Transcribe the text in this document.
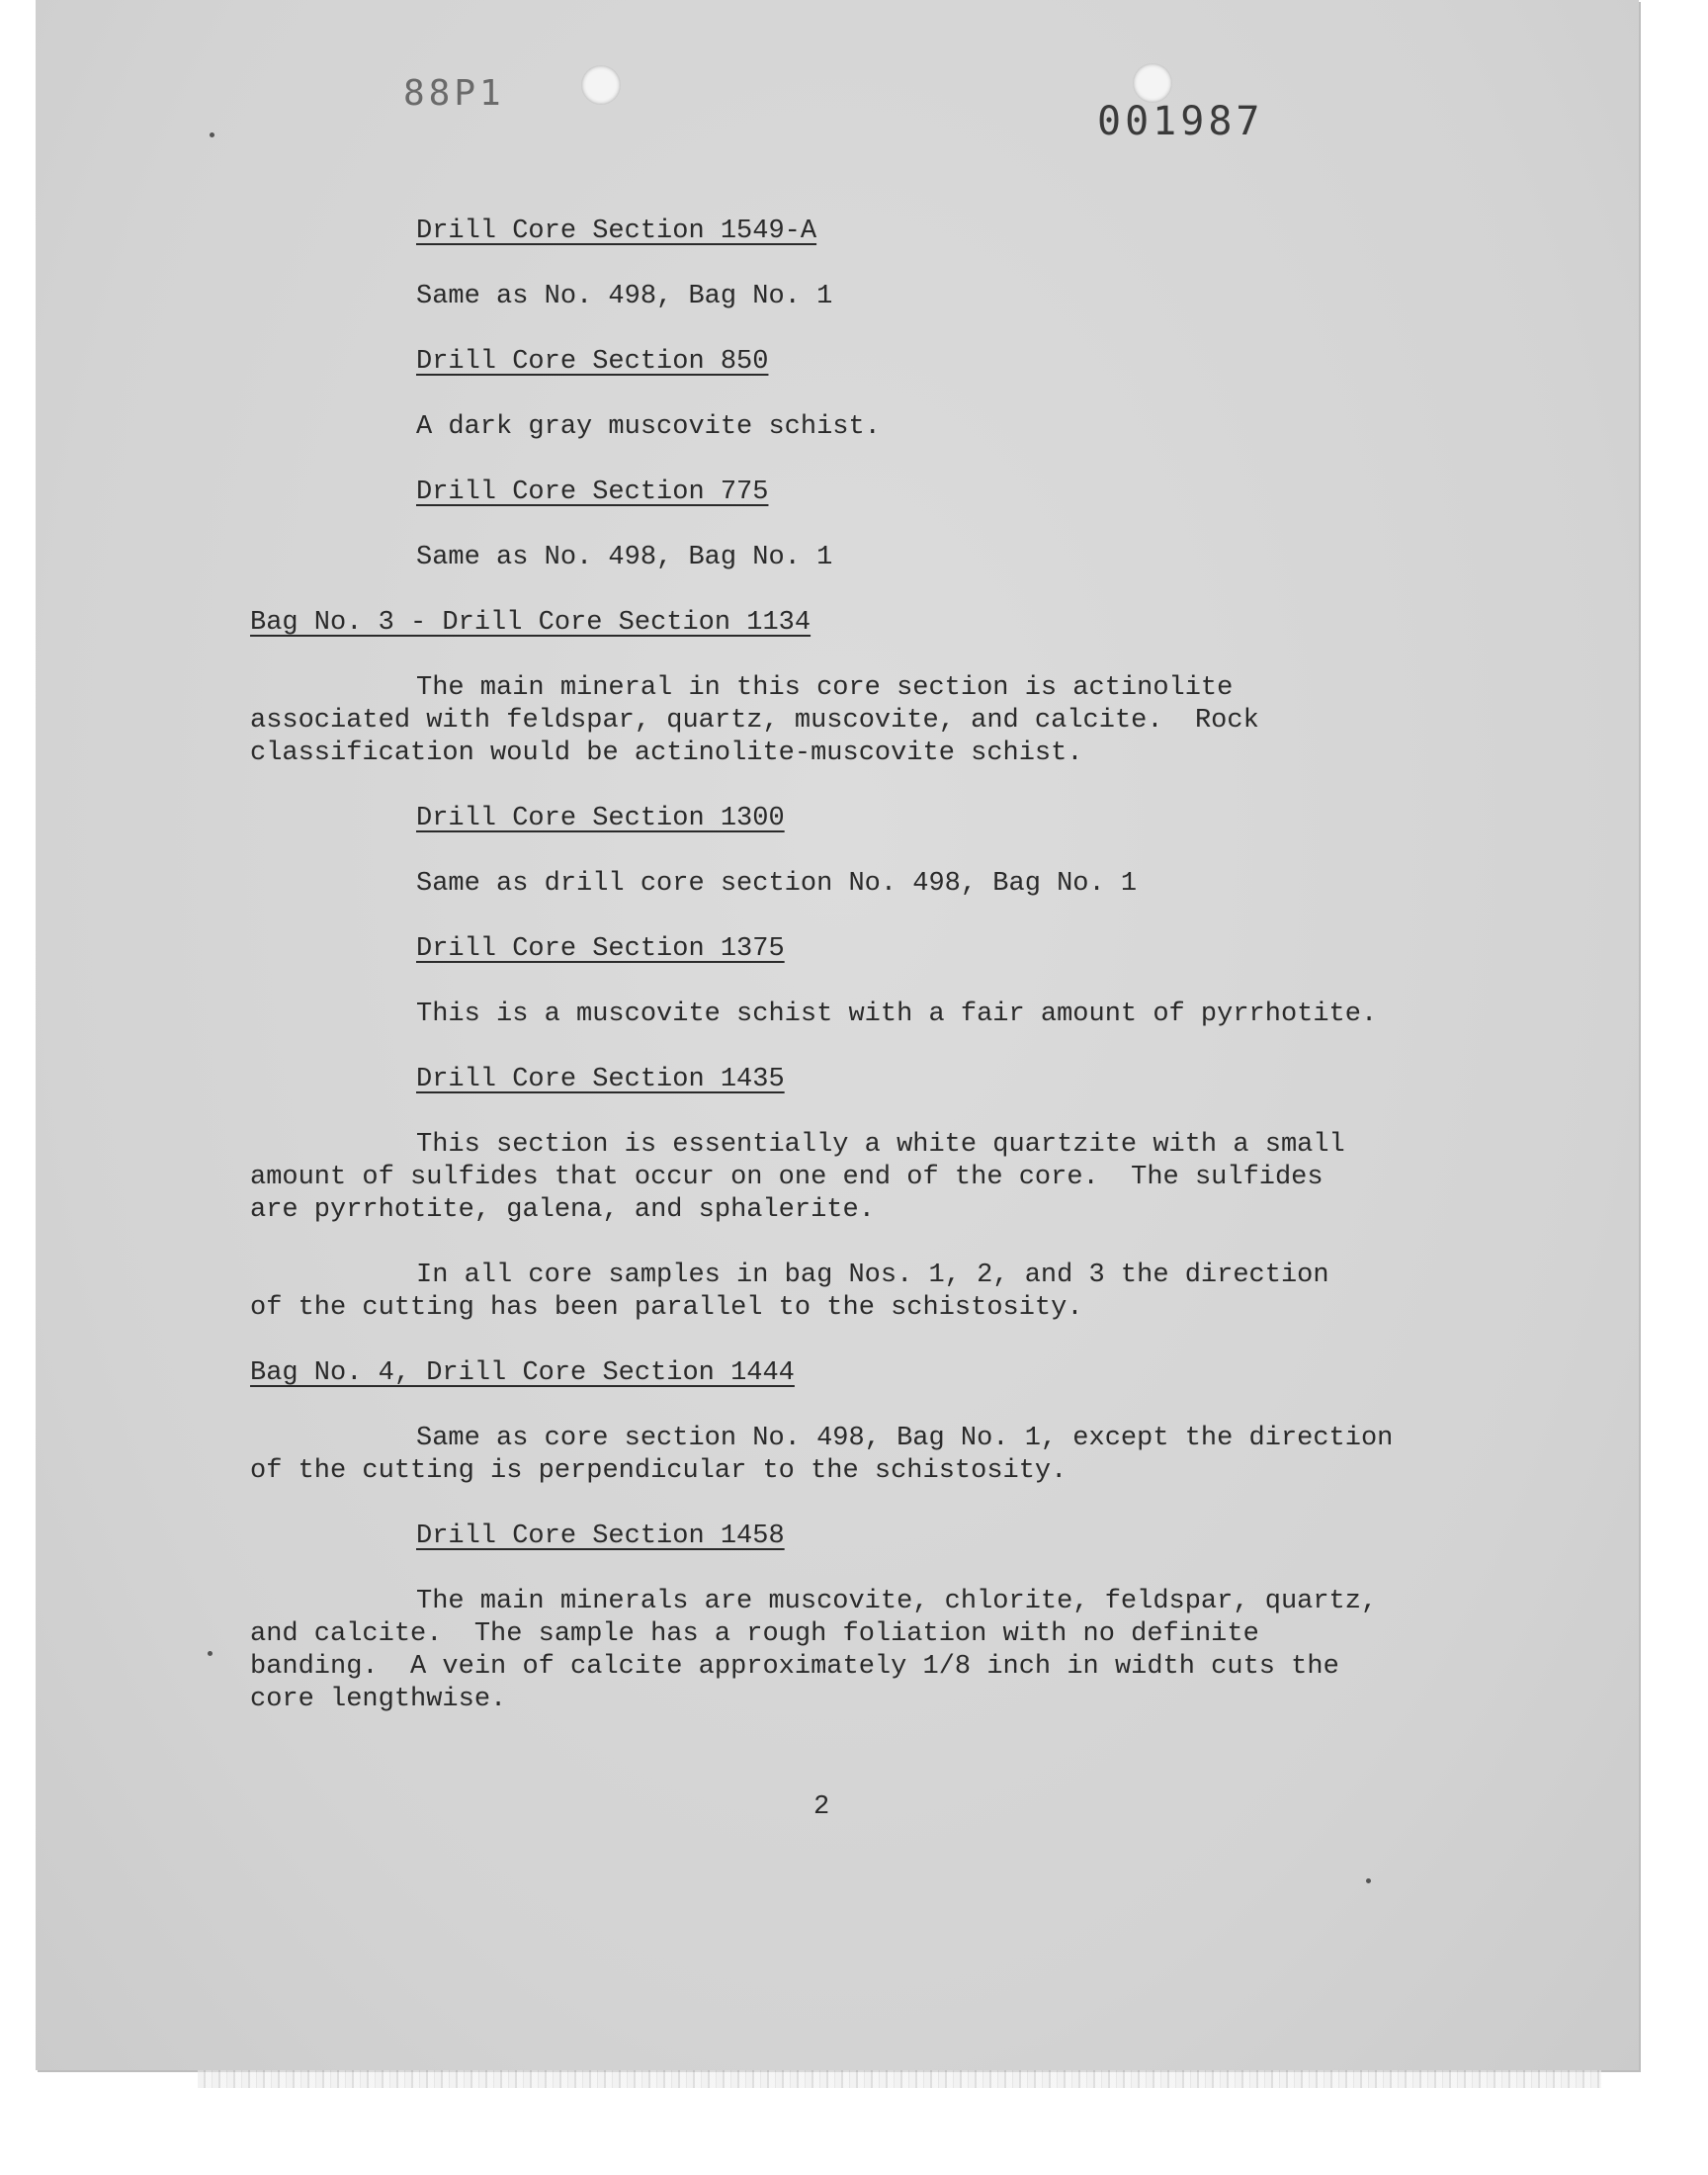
88P1
001987
Drill Core Section 1549-A
Same as No. 498, Bag No. 1
Drill Core Section 850
A dark gray muscovite schist.
Drill Core Section 775
Same as No. 498, Bag No. 1
Bag No. 3 - Drill Core Section 1134
The main mineral in this core section is actinolite
associated with feldspar, quartz, muscovite, and calcite.  Rock
classification would be actinolite-muscovite schist.
Drill Core Section 1300
Same as drill core section No. 498, Bag No. 1
Drill Core Section 1375
This is a muscovite schist with a fair amount of pyrrhotite.
Drill Core Section 1435
This section is essentially a white quartzite with a small
amount of sulfides that occur on one end of the core.  The sulfides
are pyrrhotite, galena, and sphalerite.
In all core samples in bag Nos. 1, 2, and 3 the direction
of the cutting has been parallel to the schistosity.
Bag No. 4, Drill Core Section 1444
Same as core section No. 498, Bag No. 1, except the direction
of the cutting is perpendicular to the schistosity.
Drill Core Section 1458
The main minerals are muscovite, chlorite, feldspar, quartz,
and calcite.  The sample has a rough foliation with no definite
banding.  A vein of calcite approximately 1/8 inch in width cuts the
core lengthwise.
2
